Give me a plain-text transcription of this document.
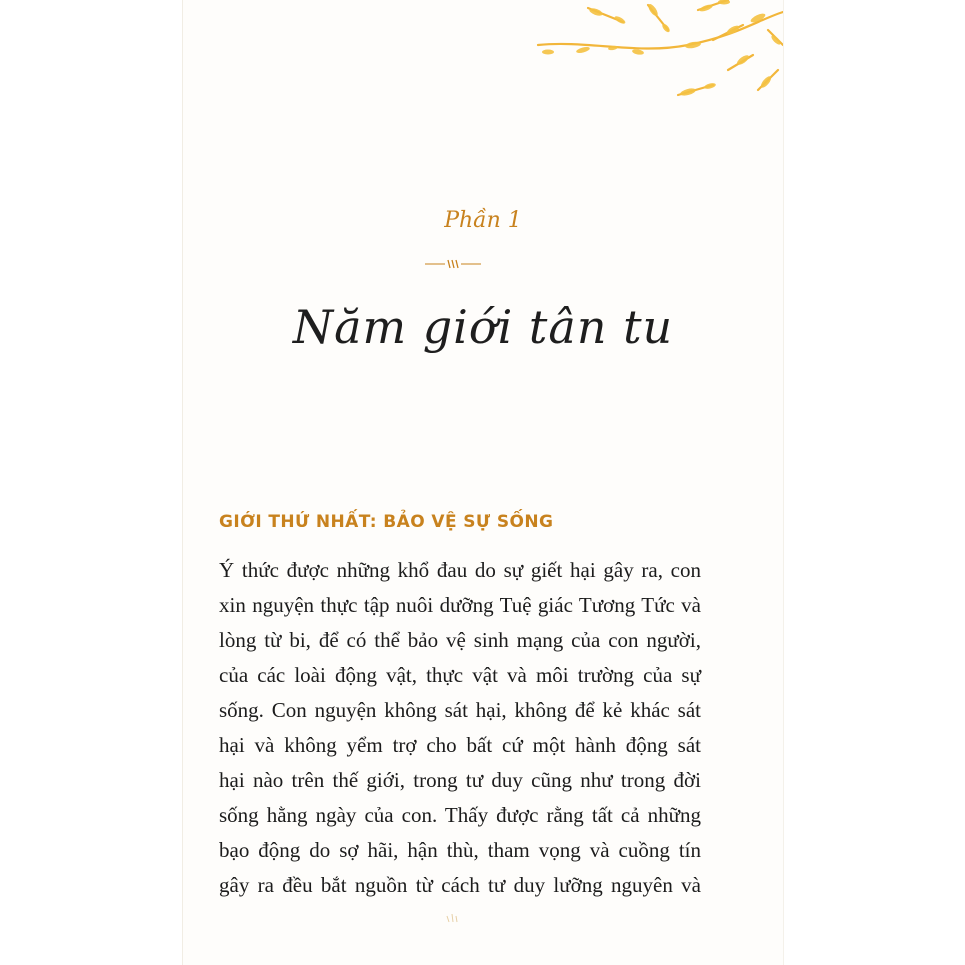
Phần 1
Năm giới tân tu
GIỚI THỨ NHẤT: BẢO VỆ SỰ SỐNG
Ý thức được những khổ đau do sự giết hại gây ra, con
xin nguyện thực tập nuôi dưỡng Tuệ giác Tương Tức và
lòng từ bi, để có thể bảo vệ sinh mạng của con người,
của các loài động vật, thực vật và môi trường của sự
sống. Con nguyện không sát hại, không để kẻ khác sát
hại và không yểm trợ cho bất cứ một hành động sát
hại nào trên thế giới, trong tư duy cũng như trong đời
sống hằng ngày của con. Thấy được rằng tất cả những
bạo động do sợ hãi, hận thù, tham vọng và cuồng tín
gây ra đều bắt nguồn từ cách tư duy lưỡng nguyên và
